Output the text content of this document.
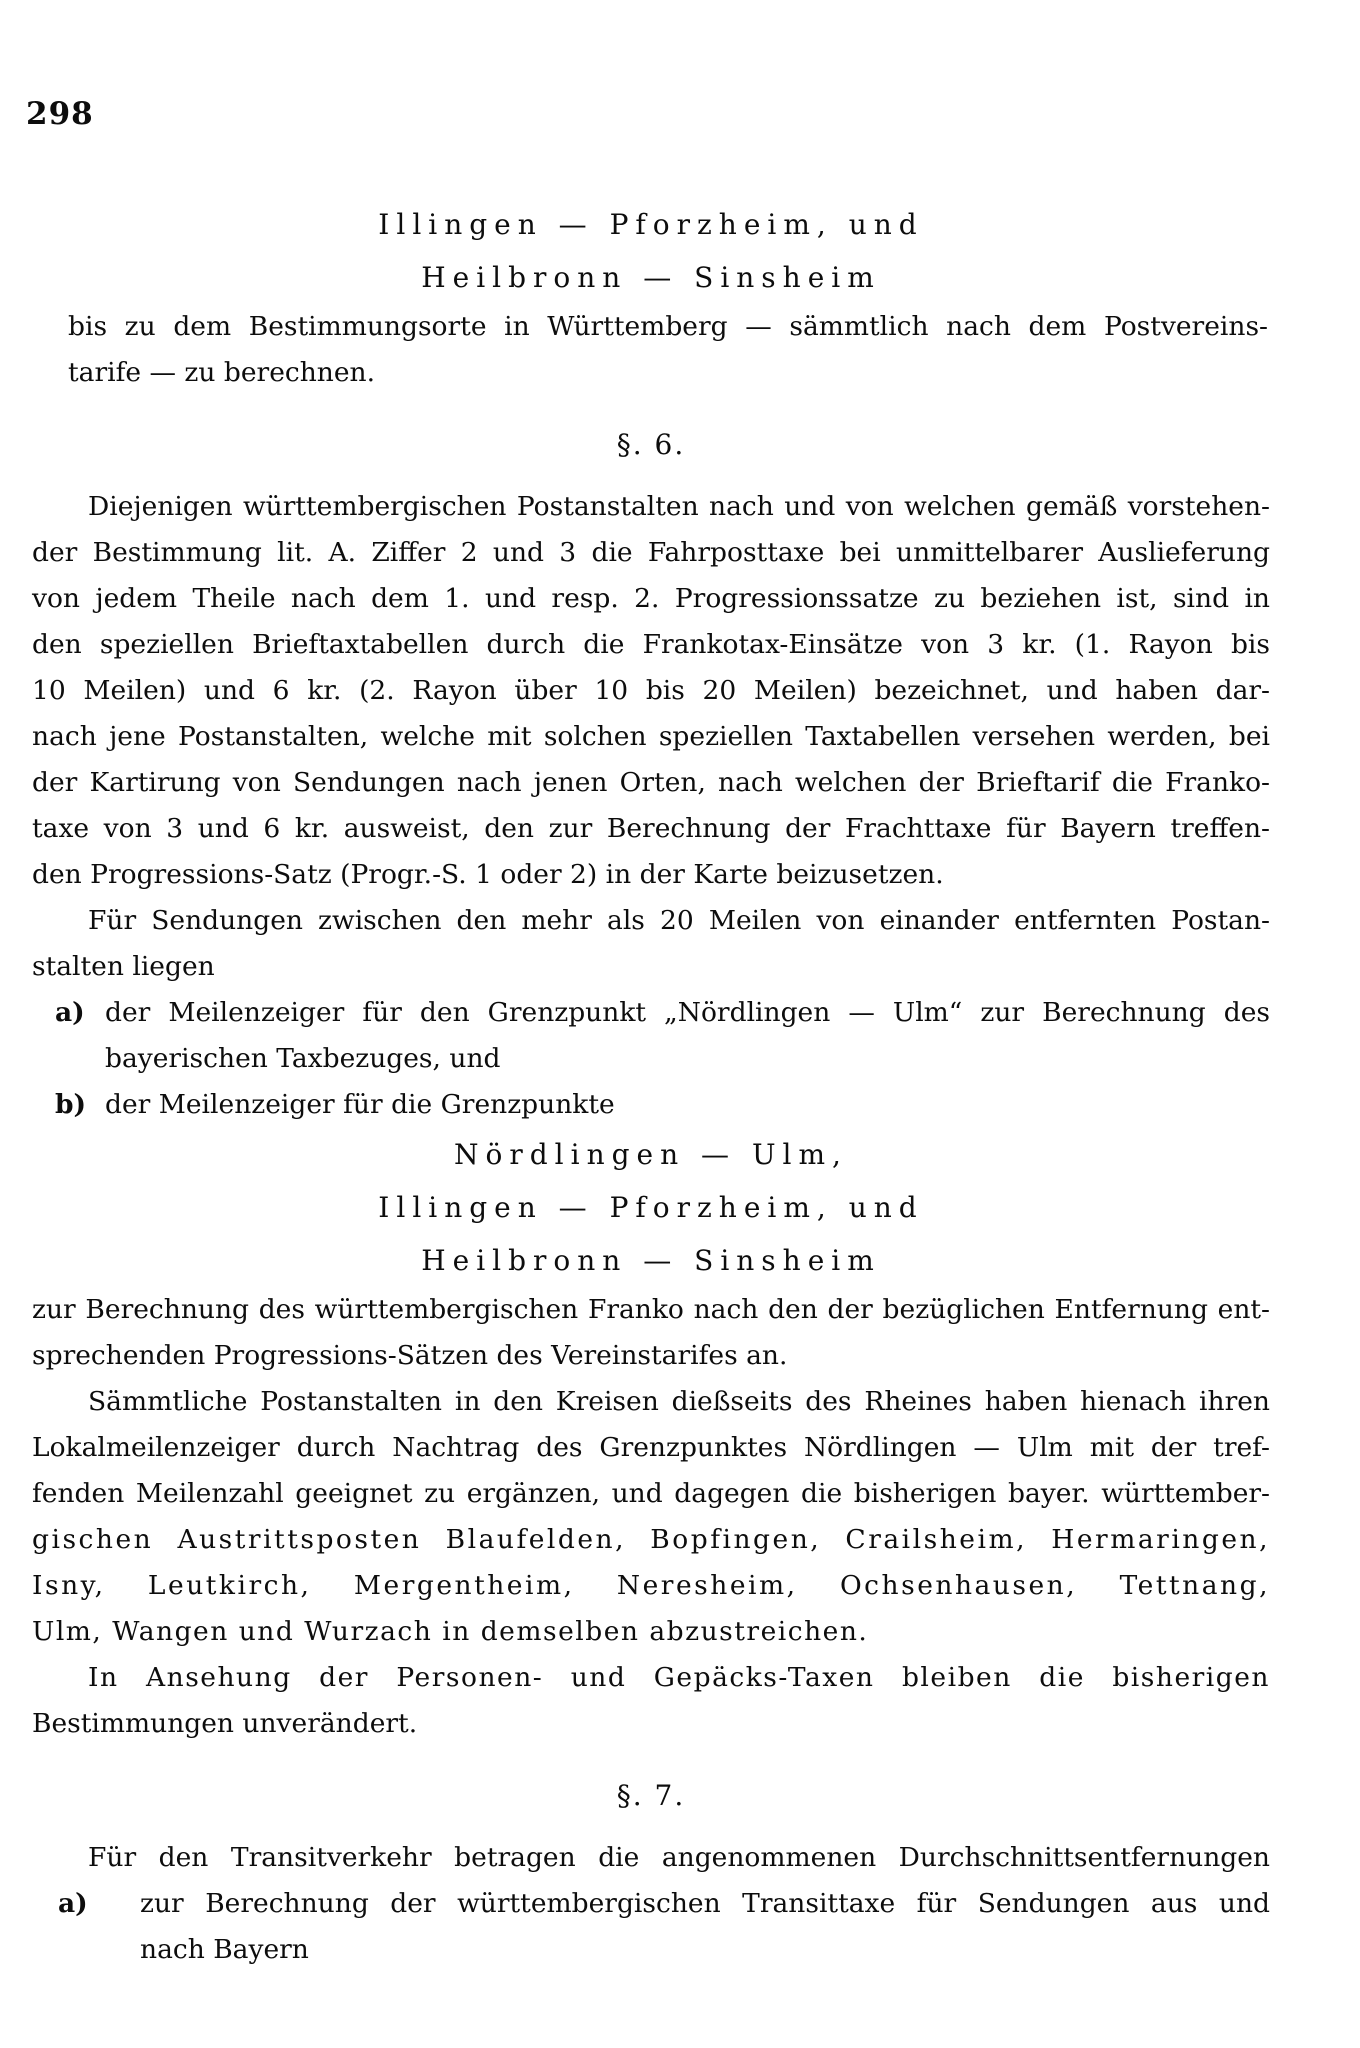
298
Illingen — Pforzheim, und
Heilbronn — Sinsheim
bis zu dem Bestimmungsorte in Württemberg — sämmtlich nach dem Postvereins-
tarife — zu berechnen.
§. 6.
Diejenigen württembergischen Postanstalten nach und von welchen gemäß vorstehen-
der Bestimmung lit. A. Ziffer 2 und 3 die Fahrposttaxe bei unmittelbarer Auslieferung
von jedem Theile nach dem 1. und resp. 2. Progressionssatze zu beziehen ist, sind in
den speziellen Brieftaxtabellen durch die Frankotax-Einsätze von 3 kr. (1. Rayon bis
10 Meilen) und 6 kr. (2. Rayon über 10 bis 20 Meilen) bezeichnet, und haben dar-
nach jene Postanstalten, welche mit solchen speziellen Taxtabellen versehen werden, bei
der Kartirung von Sendungen nach jenen Orten, nach welchen der Brieftarif die Franko-
taxe von 3 und 6 kr. ausweist, den zur Berechnung der Frachttaxe für Bayern treffen-
den Progressions-Satz (Progr.-S. 1 oder 2) in der Karte beizusetzen.
Für Sendungen zwischen den mehr als 20 Meilen von einander entfernten Postan-
stalten liegen
a) der Meilenzeiger für den Grenzpunkt „Nördlingen — Ulm“ zur Berechnung des
bayerischen Taxbezuges, und
b) der Meilenzeiger für die Grenzpunkte
Nördlingen — Ulm,
Illingen — Pforzheim, und
Heilbronn — Sinsheim
zur Berechnung des württembergischen Franko nach den der bezüglichen Entfernung ent-
sprechenden Progressions-Sätzen des Vereinstarifes an.
Sämmtliche Postanstalten in den Kreisen dießseits des Rheines haben hienach ihren
Lokalmeilenzeiger durch Nachtrag des Grenzpunktes Nördlingen — Ulm mit der tref-
fenden Meilenzahl geeignet zu ergänzen, und dagegen die bisherigen bayer. württember-
gischen Austrittsposten Blaufelden, Bopfingen, Crailsheim, Hermaringen,
Isny, Leutkirch, Mergentheim, Neresheim, Ochsenhausen, Tettnang,
Ulm, Wangen und Wurzach in demselben abzustreichen.
In Ansehung der Personen- und Gepäcks-Taxen bleiben die bisherigen
Bestimmungen unverändert.
§. 7.
Für den Transitverkehr betragen die angenommenen Durchschnittsentfernungen
a) zur Berechnung der württembergischen Transittaxe für Sendungen aus und
nach Bayern
